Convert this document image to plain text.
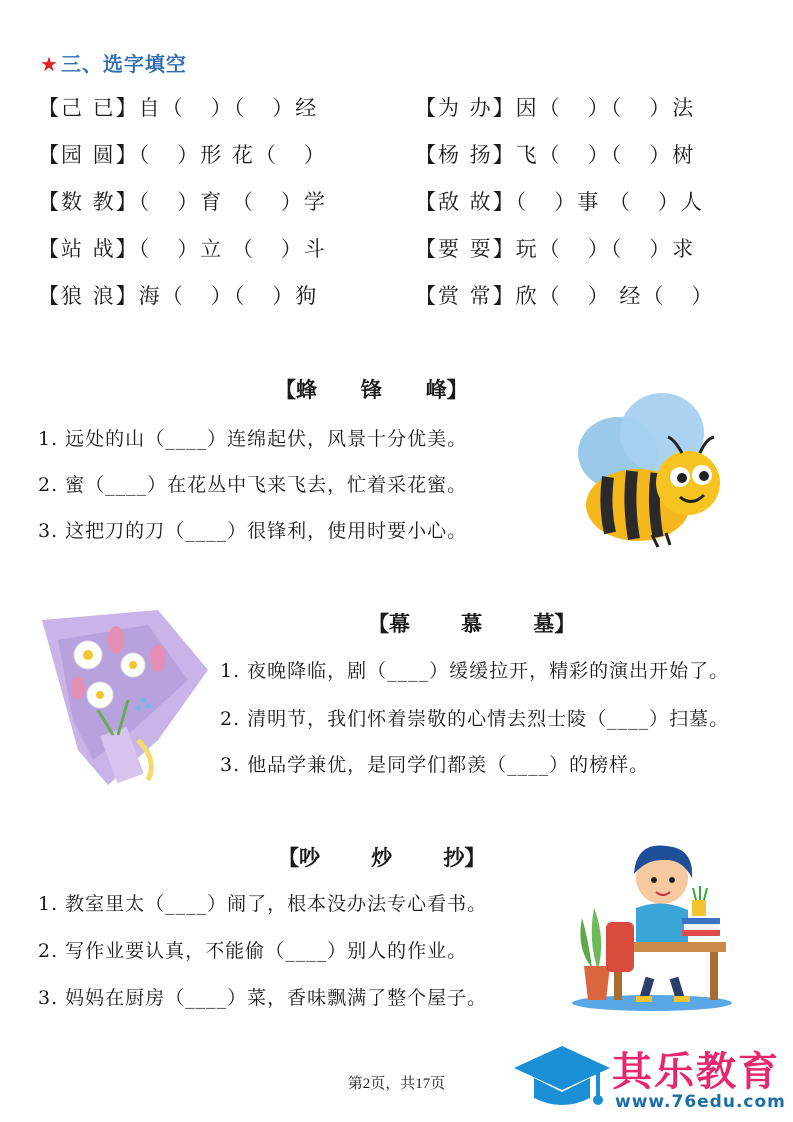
★ 三、选字填空
【己 已】自（   ）（   ）经
【园 圆】（   ）形 花（   ）
【数 教】（   ）育 （   ）学
【站 战】（   ）立 （   ）斗
【狼 浪】海（   ）（   ）狗
【为 办】因（   ）（   ）法
【杨 扬】飞（   ）（   ）树
【敌 故】（   ）事 （   ）人
【要 耍】玩（   ）（   ）求
【赏 常】欣（   ） 经（   ）
【蜂      锋      峰】
1. 远处的山（____）连绵起伏，风景十分优美。
2. 蜜（____）在花丛中飞来飞去，忙着采花蜜。
3. 这把刀的刀（____）很锋利，使用时要小心。
【幕       慕       墓】
1. 夜晚降临，剧（____）缓缓拉开，精彩的演出开始了。
2. 清明节，我们怀着崇敬的心情去烈士陵（____）扫墓。
3. 他品学兼优，是同学们都羡（____）的榜样。
【吵       炒       抄】
1. 教室里太（____）闹了，根本没办法专心看书。
2. 写作业要认真，不能偷（____）别人的作业。
3. 妈妈在厨房（____）菜，香味飘满了整个屋子。
第2页，共17页	其乐教育
www.76edu.com
